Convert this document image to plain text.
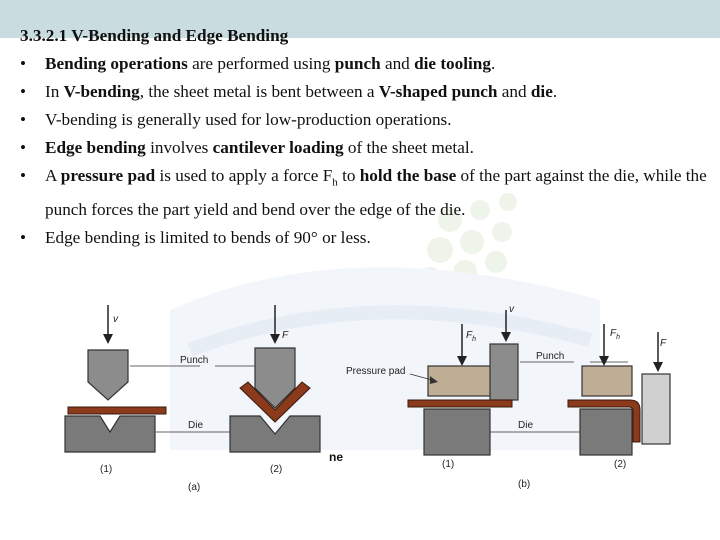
3.3.2.1 V-Bending and Edge Bending
• Bending operations are performed using punch and die tooling.
• In V-bending, the sheet metal is bent between a V-shaped punch and die.
• V-bending is generally used for low-production operations.
• Edge bending involves cantilever loading of the sheet metal.
• A pressure pad is used to apply a force $F_h$ to hold the base of the part against the die, while the punch forces the part yield and bend over the edge of the die.
• Edge bending is limited to bends of 90° or less.
v
(1)
Punch
Die
F
(2)
(a)
ne
$F_h$
v
(1)
Pressure pad
Punch
Die
$F_h$
F
(2)
(b)
